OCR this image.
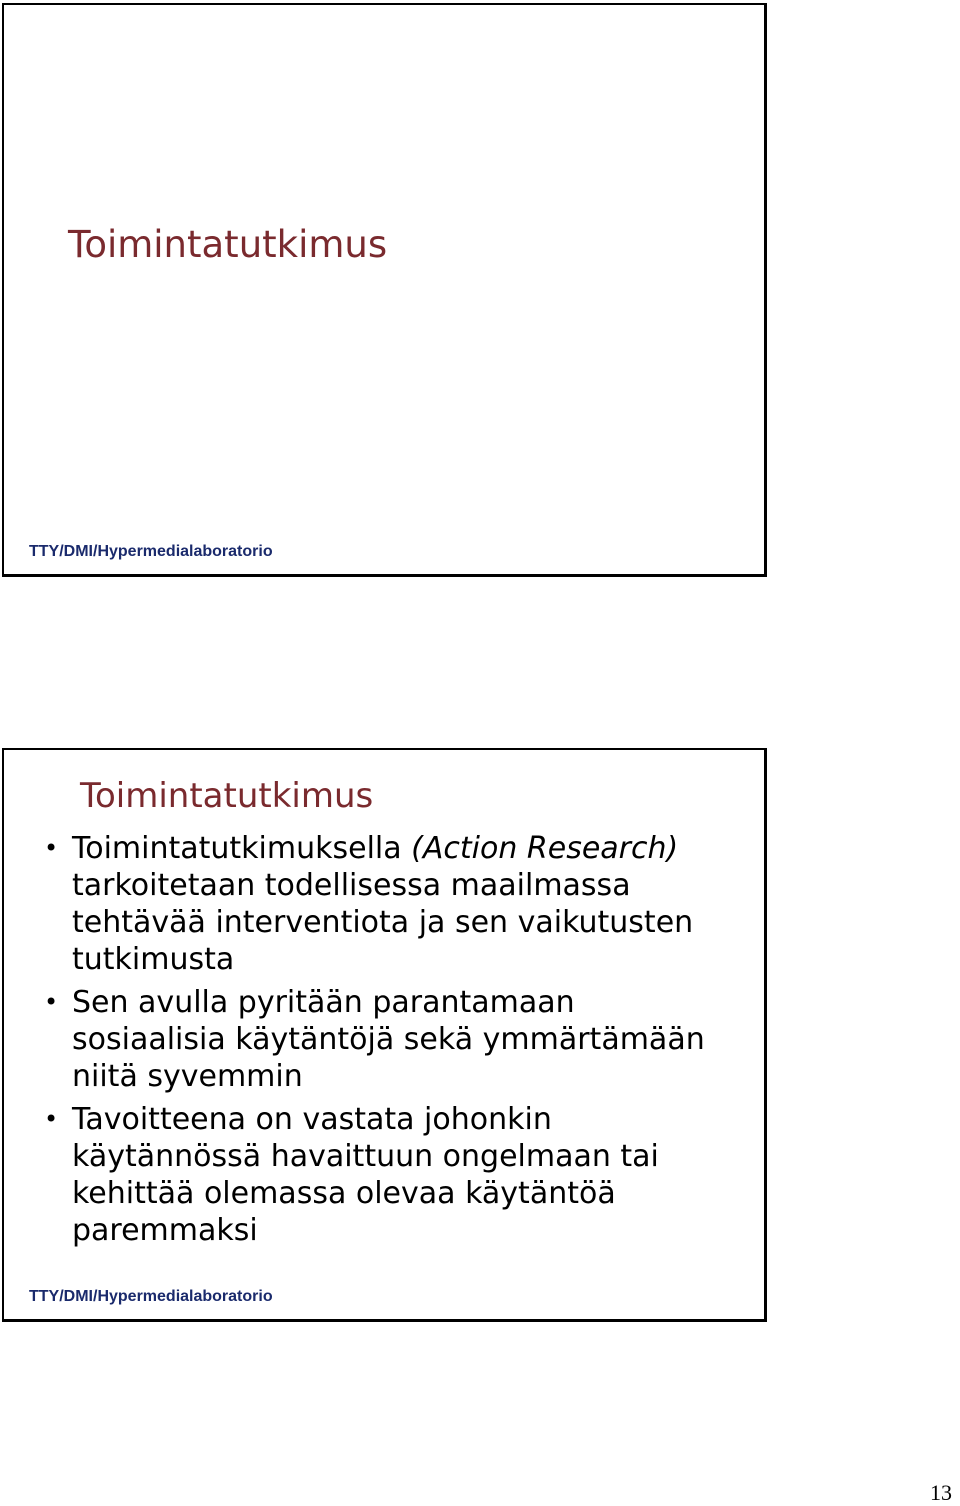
Toimintatutkimus
TTY/DMI/Hypermedialaboratorio
Toimintatutkimus
• Toimintatutkimuksella (Action Research)
tarkoitetaan todellisessa maailmassa
tehtävää interventiota ja sen vaikutusten
tutkimusta
• Sen avulla pyritään parantamaan
sosiaalisia käytäntöjä sekä ymmärtämään
niitä syvemmin
• Tavoitteena on vastata johonkin
käytännössä havaittuun ongelmaan tai
kehittää olemassa olevaa käytäntöä
paremmaksi
TTY/DMI/Hypermedialaboratorio
13
